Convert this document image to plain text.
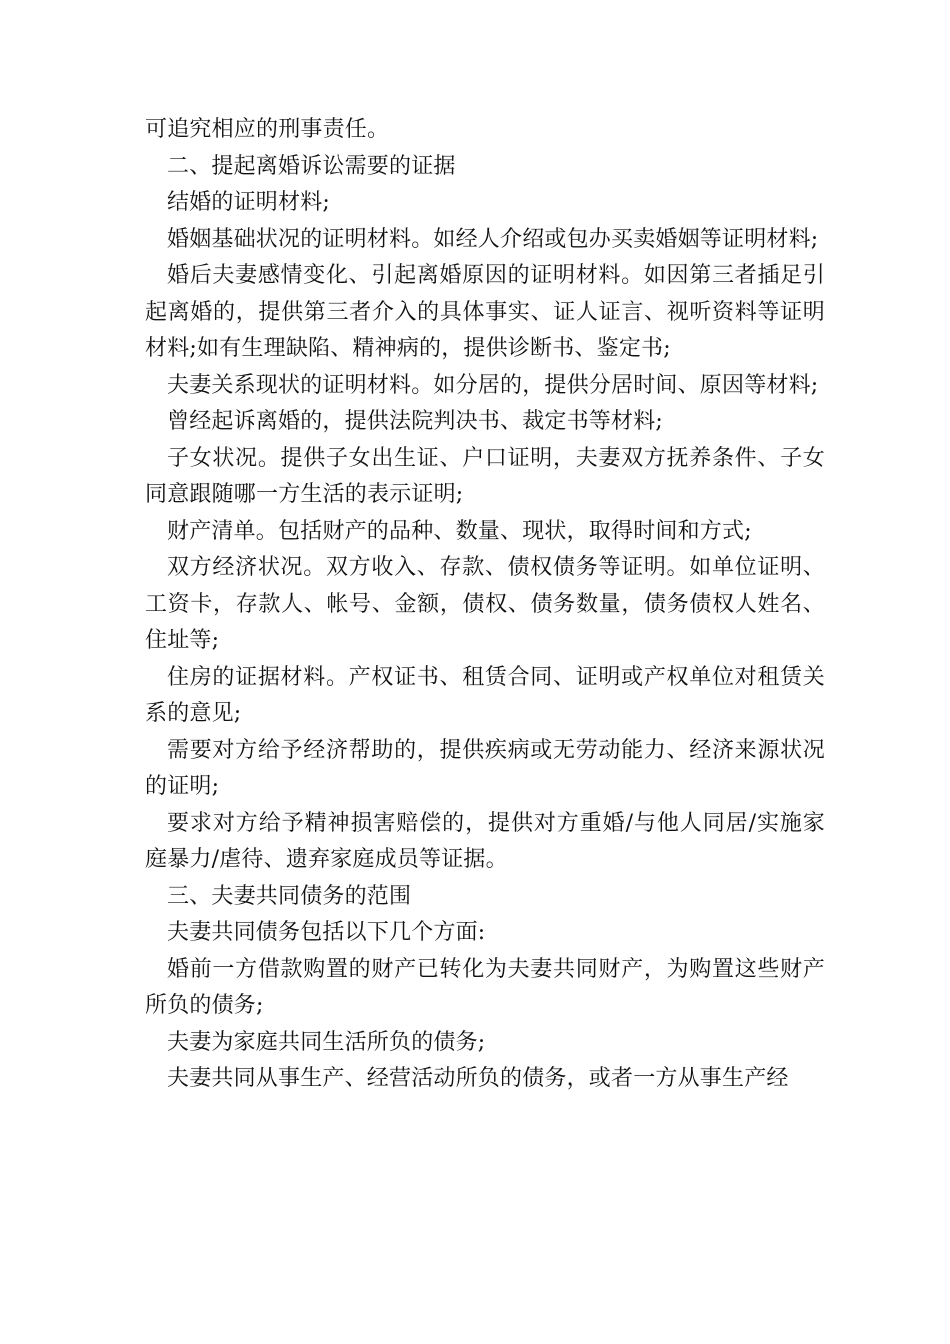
可追究相应的刑事责任。

二、提起离婚诉讼需要的证据

结婚的证明材料;

婚姻基础状况的证明材料。如经人介绍或包办买卖婚姻等证明材料;

婚后夫妻感情变化、引起离婚原因的证明材料。如因第三者插足引起离婚的，提供第三者介入的具体事实、证人证言、视听资料等证明材料;如有生理缺陷、精神病的，提供诊断书、鉴定书;

夫妻关系现状的证明材料。如分居的，提供分居时间、原因等材料;

曾经起诉离婚的，提供法院判决书、裁定书等材料;

子女状况。提供子女出生证、户口证明，夫妻双方抚养条件、子女同意跟随哪一方生活的表示证明;

财产清单。包括财产的品种、数量、现状，取得时间和方式;

双方经济状况。双方收入、存款、债权债务等证明。如单位证明、工资卡，存款人、帐号、金额，债权、债务数量，债务债权人姓名、住址等;

住房的证据材料。产权证书、租赁合同、证明或产权单位对租赁关系的意见;

需要对方给予经济帮助的，提供疾病或无劳动能力、经济来源状况的证明;

要求对方给予精神损害赔偿的，提供对方重婚/与他人同居/实施家庭暴力/虐待、遗弃家庭成员等证据。

三、夫妻共同债务的范围

夫妻共同债务包括以下几个方面:

婚前一方借款购置的财产已转化为夫妻共同财产，为购置这些财产所负的债务;

夫妻为家庭共同生活所负的债务;

夫妻共同从事生产、经营活动所负的债务，或者一方从事生产经
